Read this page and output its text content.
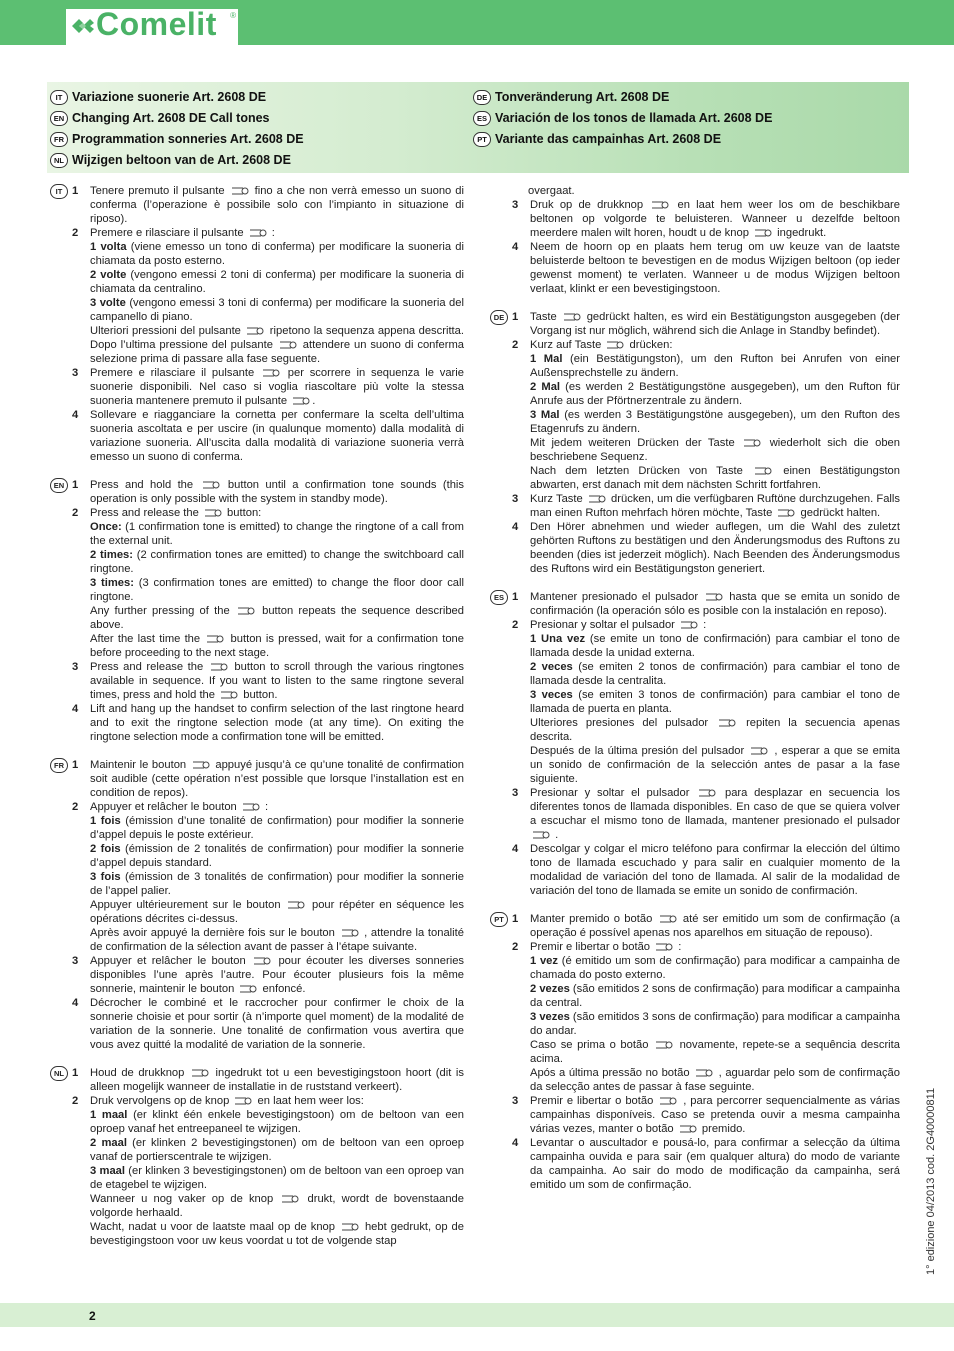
Comelit ®
IT Variazione suonerie Art. 2608 DE
EN Changing Art. 2608 DE Call tones
FR Programmation sonneries Art. 2608 DE
NL Wijzigen beltoon van de Art. 2608 DE
DE Tonveränderung Art. 2608 DE
ES Variación de los tonos de llamada Art. 2608 DE
PT Variante das campainhas Art. 2608 DE
IT 1	Tenere premuto il pulsante  fino a che non verrà emesso un suono di conferma (l’operazione è possibile solo con l’impianto in situazione di riposo).
2	Premere e rilasciare il pulsante  :
1 volta (viene emesso un tono di conferma) per modificare la suoneria di chiamata da posto esterno.
2 volte (vengono emessi 2 toni di conferma) per modificare la suoneria di chiamata da centralino.
3 volte (vengono emessi 3 toni di conferma) per modificare la suoneria del campanello di piano.
Ulteriori pressioni del pulsante  ripetono la sequenza appena descritta. Dopo l’ultima pressione del pulsante  attendere un suono di conferma selezione prima di passare alla fase seguente.
3	Premere e rilasciare il pulsante  per scorrere in sequenza le varie suonerie disponibili. Nel caso si voglia riascoltare più volte la stessa suoneria mantenere premuto il pulsante .
4	Sollevare e riagganciare la cornetta per confermare la scelta dell’ultima suoneria ascoltata e per uscire (in qualunque momento) dalla modalità di variazione suoneria. All’uscita dalla modalità di variazione suoneria verrà emesso un suono di conferma.
EN 1	Press and hold the  button until a confirmation tone sounds (this operation is only possible with the system in standby mode).
2	Press and release the  button:
Once: (1 confirmation tone is emitted) to change the ringtone of a call from the external unit.
2 times: (2 confirmation tones are emitted) to change the switchboard call ringtone.
3 times: (3 confirmation tones are emitted) to change the floor door call ringtone.
Any further pressing of the  button repeats the sequence described above.
After the last time the  button is pressed, wait for a confirmation tone before proceeding to the next stage.
3	Press and release the  button to scroll through the various ringtones available in sequence. If you want to listen to the same ringtone several times, press and hold the  button.
4	Lift and hang up the handset to confirm selection of the last ringtone heard and to exit the ringtone selection mode (at any time). On exiting the ringtone selection mode a confirmation tone will be emitted.
FR 1	Maintenir le bouton  appuyé jusqu’à ce qu’une tonalité de confirmation soit audible (cette opération n’est possible que lorsque l’installation est en condition de repos).
2	Appuyer et relâcher le bouton  :
1 fois (émission d’une tonalité de confirmation) pour modifier la sonnerie d’appel depuis le poste extérieur.
2 fois (émission de 2 tonalités de confirmation) pour modifier la sonnerie d’appel depuis standard.
3 fois (émission de 3 tonalités de confirmation) pour modifier la sonnerie de l’appel palier.
Appuyer ultérieurement sur le bouton  pour répéter en séquence les opérations décrites ci-dessus.
Après avoir appuyé la dernière fois sur le bouton  , attendre la tonalité de confirmation de la sélection avant de passer à l’étape suivante.
3	Appuyer et relâcher le bouton  pour écouter les diverses sonneries disponibles l’une après l’autre. Pour écouter plusieurs fois la même sonnerie, maintenir le bouton  enfoncé.
4	Décrocher le combiné et le raccrocher pour confirmer le choix de la sonnerie choisie et pour sortir (à n’importe quel moment) de la modalité de variation de la sonnerie. Une tonalité de confirmation vous avertira que vous avez quitté la modalité de variation de la sonnerie.
NL 1	Houd de drukknop  ingedrukt tot u een bevestigingstoon hoort (dit is alleen mogelijk wanneer de installatie in de ruststand verkeert).
2	Druk vervolgens op de knop  en laat hem weer los:
1 maal (er klinkt één enkele bevestigingstoon) om de beltoon van een oproep vanaf het entreepaneel te wijzigen.
2 maal (er klinken 2 bevestigingstonen) om de beltoon van een oproep vanaf de portierscentrale te wijzigen.
3 maal (er klinken 3 bevestigingstonen) om de beltoon van een oproep van de etagebel te wijzigen.
Wanneer u nog vaker op de knop  drukt, wordt de bovenstaande volgorde herhaald.
Wacht, nadat u voor de laatste maal op de knop  hebt gedrukt, op de bevestigingstoon voor uw keus voordat u tot de volgende stap
overgaat.
3	Druk op de drukknop  en laat hem weer los om de beschikbare beltonen op volgorde te beluisteren. Wanneer u dezelfde beltoon meerdere malen wilt horen, houdt u de knop  ingedrukt.
4	Neem de hoorn op en plaats hem terug om uw keuze van de laatste beluisterde beltoon te bevestigen en de modus Wijzigen beltoon (op ieder gewenst moment) te verlaten. Wanneer u de modus Wijzigen beltoon verlaat, klinkt er een bevestigingstoon.
DE 1	Taste  gedrückt halten, es wird ein Bestätigungston ausgegeben (der Vorgang ist nur möglich, während sich die Anlage in Standby befindet).
2	Kurz auf Taste  drücken:
1 Mal (ein Bestätigungston), um den Rufton bei Anrufen von einer Außensprechstelle zu ändern.
2 Mal (es werden 2 Bestätigungstöne ausgegeben), um den Rufton für Anrufe aus der Pförtnerzentrale zu ändern.
3 Mal (es werden 3 Bestätigungstöne ausgegeben), um den Rufton des Etagenrufs zu ändern.
Mit jedem weiteren Drücken der Taste  wiederholt sich die oben beschriebene Sequenz.
Nach dem letzten Drücken von Taste  einen Bestätigungston abwarten, erst danach mit dem nächsten Schritt fortfahren.
3	Kurz Taste  drücken, um die verfügbaren Ruftöne durchzugehen. Falls man einen Rufton mehrfach hören möchte, Taste  gedrückt halten.
4	Den Hörer abnehmen und wieder auflegen, um die Wahl des zuletzt gehörten Ruftons zu bestätigen und den Änderungsmodus des Ruftons zu beenden (dies ist jederzeit möglich). Nach Beenden des Änderungsmodus des Ruftons wird ein Bestätigungston generiert.
ES 1	Mantener presionado el pulsador  hasta que se emita un sonido de confirmación (la operación sólo es posible con la instalación en reposo).
2	Presionar y soltar el pulsador  :
1 Una vez (se emite un tono de confirmación) para cambiar el tono de llamada desde la unidad externa.
2 veces (se emiten 2 tonos de confirmación) para cambiar el tono de llamada desde la centralita.
3 veces (se emiten 3 tonos de confirmación) para cambiar el tono de llamada de puerta en planta.
Ulteriores presiones del pulsador  repiten la secuencia apenas descrita.
Después de la última presión del pulsador  , esperar a que se emita un sonido de confirmación de la selección antes de pasar a la fase siguiente.
3	Presionar y soltar el pulsador  para desplazar en secuencia los diferentes tonos de llamada disponibles. En caso de que se quiera volver a escuchar el mismo tono de llamada, mantener presionado el pulsador  .
4	Descolgar y colgar el micro teléfono para confirmar la elección del último tono de llamada escuchado y para salir en cualquier momento de la modalidad de variación del tono de llamada. Al salir de la modalidad de variación del tono de llamada se emite un sonido de confirmación.
PT 1	Manter premido o botão  até ser emitido um som de confirmação (a operação é possível apenas nos aparelhos em situação de repouso).
2	Premir e libertar o botão  :
1 vez (é emitido um som de confirmação) para modificar a campainha de chamada do posto externo.
2 vezes (são emitidos 2 sons de confirmação) para modificar a campainha da central.
3 vezes (são emitidos 3 sons de confirmação) para modificar a campainha do andar.
Caso se prima o botão  novamente, repete-se a sequência descrita acima.
Após a última pressão no botão  , aguardar pelo som de confirmação da selecção antes de passar à fase seguinte.
3	Premir e libertar o botão  , para percorrer sequencialmente as várias campainhas disponíveis. Caso se pretenda ouvir a mesma campainha várias vezes, manter o botão  premido.
4	Levantar o auscultador e pousá-lo, para confirmar a selecção da última campainha ouvida e para sair (em qualquer altura) do modo de variante da campainha. Ao sair do modo de modificação da campainha, será emitido um som de confirmação.
2
1° edizione 04/2013 cod. 2G40000811
